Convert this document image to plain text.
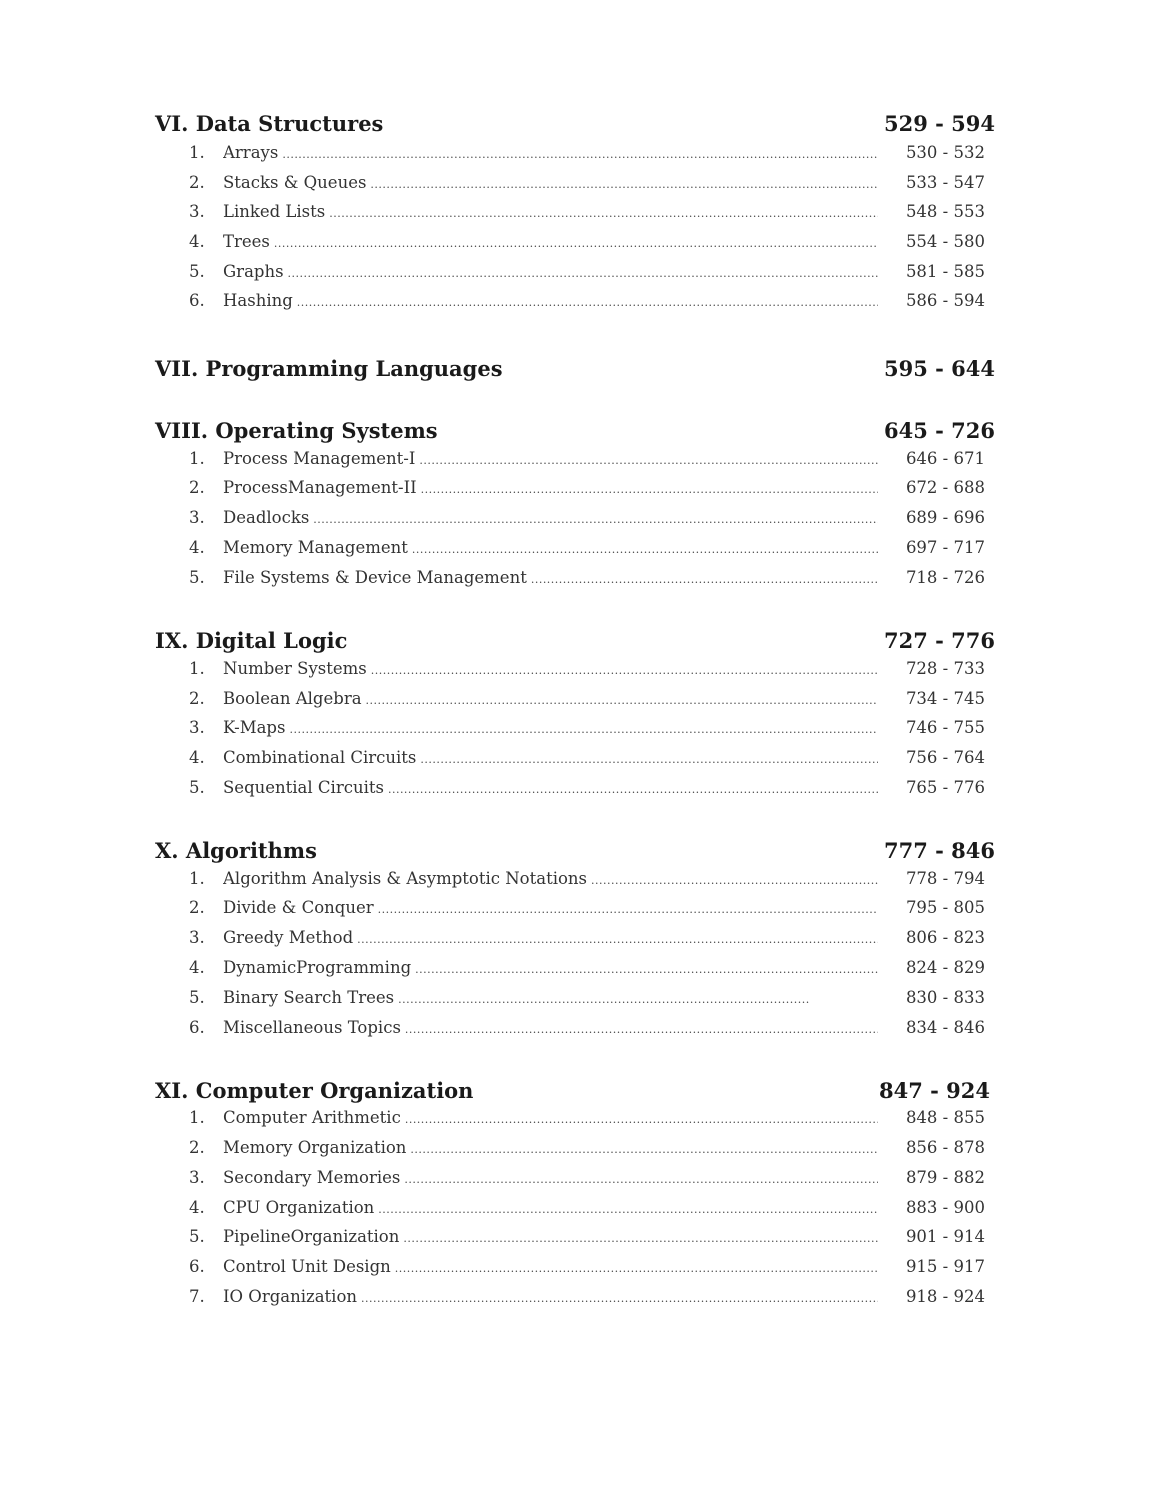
VI. Data Structures	529 - 594
1. Arrays .....	530 - 532
2. Stacks & Queues .....	533 - 547
3. Linked Lists .....	548 - 553
4. Trees .....	554 - 580
5. Graphs .....	581 - 585
6. Hashing .....	586 - 594
VII. Programming Languages	595 - 644
VIII. Operating Systems	645 - 726
1. Process Management-I .....	646 - 671
2. ProcessManagement-II .....	672 - 688
3. Deadlocks .....	689 - 696
4. Memory Management .....	697 - 717
5. File Systems & Device Management .....	718 - 726
IX. Digital Logic	727 - 776
1. Number Systems .....	728 - 733
2. Boolean Algebra .....	734 - 745
3. K-Maps .....	746 - 755
4. Combinational Circuits .....	756 - 764
5. Sequential Circuits .....	765 - 776
X. Algorithms	777 - 846
1. Algorithm Analysis & Asymptotic Notations .....	778 - 794
2. Divide & Conquer .....	795 - 805
3. Greedy Method .....	806 - 823
4. DynamicProgramming .....	824 - 829
5. Binary Search Trees .....	830 - 833
6. Miscellaneous Topics .....	834 - 846
XI. Computer Organization	847 - 924
1. Computer Arithmetic .....	848 - 855
2. Memory Organization .....	856 - 878
3. Secondary Memories .....	879 - 882
4. CPU Organization .....	883 - 900
5. PipelineOrganization .....	901 - 914
6. Control Unit Design .....	915 - 917
7. IO Organization .....	918 - 924
